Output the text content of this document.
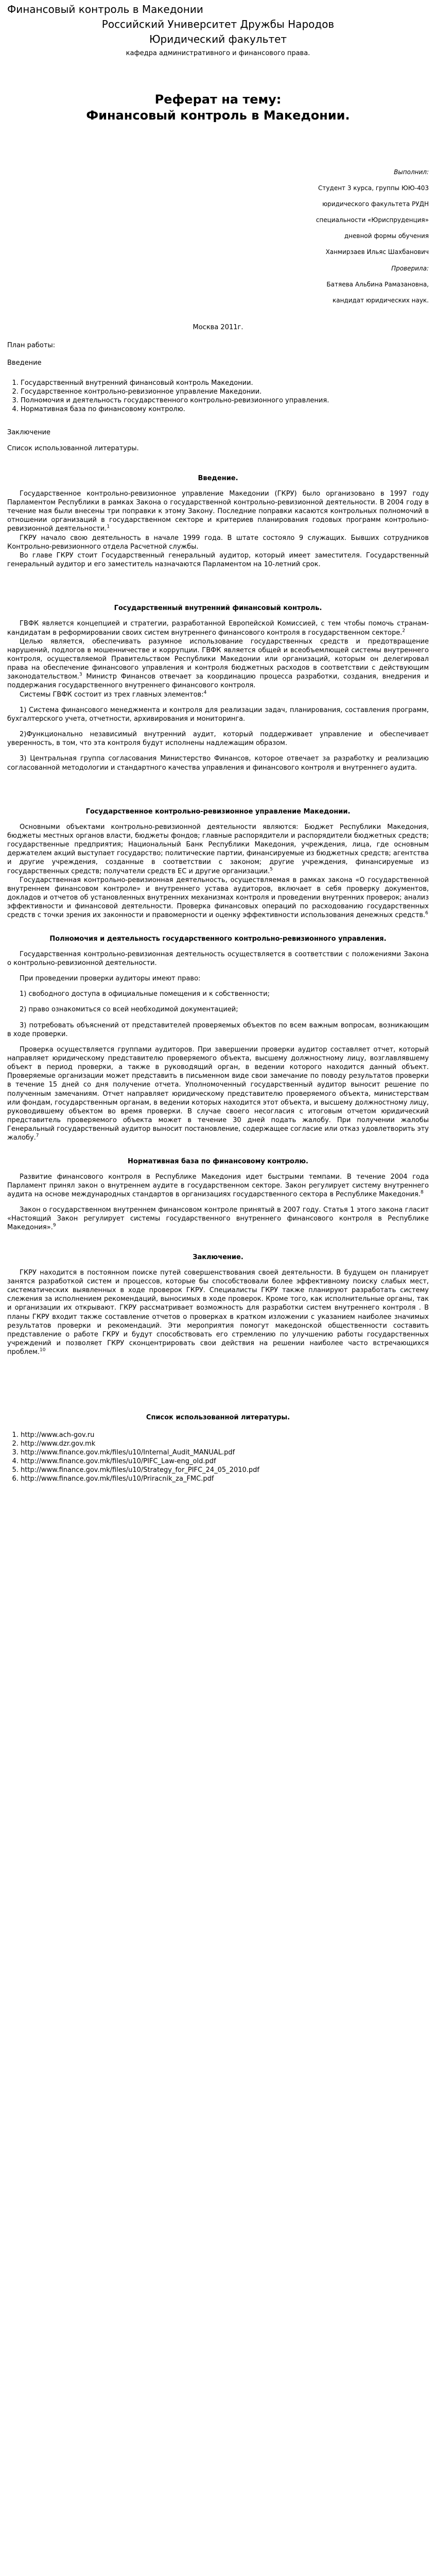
Финансовый контроль в Македонии
Российский Университет Дружбы Народов
Юридический факультет
кафедра административного и финансового права.
Реферат на тему:
Финансовый контроль в Македонии.
Выполнил:
Студент 3 курса, группы ЮЮ-403
юридического факультета РУДН
специальности «Юриспруденция»
дневной формы обучения
Ханмирзаев Ильяс Шахбанович
Проверила:
Батяева Альбина Рамазановна,
кандидат юридических наук.
Москва 2011г.
План работы:
Введение
1. Государственный внутренний финансовый контроль Македонии.
2. Государственное контрольно-ревизионное управление Македонии.
3. Полномочия и деятельность государственного контрольно-ревизионного управления.
4. Нормативная база по финансовому контролю.
Заключение
Список использованной литературы.
Введение.

Государственное контрольно-ревизионное управление Македонии (ГКРУ) было организовано в 1997 году Парламентом Республики в рамках Закона о государственной контрольно-ревизионной деятельности. В 2004 году в течение мая были внесены три поправки к этому Закону. Последние поправки касаются контрольных полномочий в отношении организаций в государственном секторе и критериев планирования годовых программ контрольно-ревизионной деятельности.$^1$

ГКРУ начало свою деятельность в начале 1999 года. В штате состояло 9 служащих. Бывших сотрудников Контрольно-ревизионного отдела Расчетной службы.

Во главе ГКРУ стоит Государственный генеральный аудитор, который имеет заместителя. Государственный генеральный аудитор и его заместитель назначаются Парламентом на 10-летний срок.

Государственный внутренний финансовый контроль.

ГВФК является концепцией и стратегии, разработанной Европейской Комиссией, с тем чтобы помочь странам-кандидатам в реформировании своих систем внутреннего финансового контроля в государственном секторе.$^2$

Целью является, обеспечивать разумное использование государственных средств и предотвращение нарушений, подлогов в мошенничестве и коррупции. ГВФК является общей и всеобъемлющей системы внутреннего контроля, осуществляемой Правительством Республики Македонии или организаций, которым он делегировал права на обеспечение финансового управления и контроля бюджетных расходов в соответствии с действующим законодательством.$^3$ Министр Финансов отвечает за координацию процесса разработки, создания, внедрения и поддержания государственного внутреннего финансового контроля.

Системы ГВФК состоит из трех главных элементов:$^4$

1) Система финансового менеджмента и контроля для реализации задач, планирования, составления программ, бухгалтерского учета, отчетности, архивирования и мониторинга.

2)Функционально независимый внутренний аудит, который поддерживает управление и обеспечивает уверенность, в том, что эта контроля будут исполнены надлежащим образом.

3) Центральная группа согласования Министерство Финансов, которое отвечает за разработку и реализацию согласованной методологии и стандартного качества управления и финансового контроля и внутреннего аудита.

Государственное контрольно-ревизионное управление Македонии.

Основными объектами контрольно-ревизионной деятельности являются: Бюджет Республики Македония, бюджеты местных органов власти, бюджеты фондов; главные распорядители и распорядители бюджетных средств; государственные предприятия; Национальный Банк Республики Македония, учреждения, лица, где основным держателем акций выступает государство; политические партии, финансируемые из бюджетных средств; агентства и другие учреждения, созданные в соответствии с законом; другие учреждения, финансируемые из государственных средств; получатели средств ЕС и другие организации.$^5$

Государственная контрольно-ревизионная деятельность, осуществляемая в рамках закона «О государственной внутреннем финансовом контроле» и внутреннего устава аудиторов, включает в себя проверку документов, докладов и отчетов об установленных внутренних механизмах контроля и проведении внутренних проверок; анализ эффективности и финансовой деятельности. Проверка финансовых операций по расходованию государственных средств с точки зрения их законности и правомерности и оценку эффективности использования денежных средств.$^6$

Полномочия и деятельность государственного контрольно-ревизионного управления.

Государственная контрольно-ревизионная деятельность осуществляется в соответствии с положениями Закона о контрольно-ревизионной деятельности.

При проведении проверки аудиторы имеют право:

1) свободного доступа в официальные помещения и к собственности;

2) право ознакомиться со всей необходимой документацией;

3) потребовать объяснений от представителей проверяемых объектов по всем важным вопросам, возникающим в ходе проверки.

Проверка осуществляется группами аудиторов. При завершении проверки аудитор составляет отчет, который направляет юридическому представителю проверяемого объекта, высшему должностному лицу, возглавлявшему объект в период проверки, а также в руководящий орган, в ведении которого находится данный объект. Проверяемые организации может представить в письменном виде свои замечание по поводу результатов проверки в течение 15 дней со дня получение отчета. Уполномоченный государственный аудитор выносит решение по полученным замечаниям. Отчет направляет юридическому представителю проверяемого объекта, министерствам или фондам, государственным органам, в ведении которых находится этот объекта, и высшему должностному лицу, руководившему объектом во время проверки. В случае своего несогласия с итоговым отчетом юридический представитель проверяемого объекта может в течение 30 дней подать жалобу. При получении жалобы Генеральный государственный аудитор выносит постановление, содержащее согласие или отказ удовлетворить эту жалобу.$^7$

Нормативная база по финансовому контролю.

Развитие финансового контроля в Республике Македония идет быстрыми темпами. В течение 2004 года Парламент принял закон о внутреннем аудите в государственном секторе. Закон регулирует систему внутреннего аудита на основе международных стандартов в организациях государственного сектора в Республике Македония.$^8$

Закон о государственном внутреннем финансовом контроле принятый в 2007 году. Статья 1 этого закона гласит «Настоящий Закон регулирует системы государственного внутреннего финансового контроля в Республике Македония».$^9$

Заключение.

ГКРУ находится в постоянном поиске путей совершенствования своей деятельности. В будущем он планирует занятся разработкой систем и процессов, которые бы способствовали более эффективному поиску слабых мест, систематических выявленных в ходе проверок ГКРУ. Специалисты ГКРУ также планируют разработать систему слежения за исполнением рекомендаций, выносимых в ходе проверок. Кроме того, как исполнительные органы, так и организации их открывают. ГКРУ рассматривает возможность для разработки систем внутреннего контроля . В планы ГКРУ входит также составление отчетов о проверках в кратком изложении с указанием наиболее значимых результатов проверки и рекомендаций. Эти мероприятия помогут македонской общественности составить представление о работе ГКРУ и будут способствовать его стремлению по улучшению работы государственных учреждений и позволяет ГКРУ сконцентрировать свои действия на решении наиболее часто встречающихся проблем.$^{10}$

Список использованной литературы.
1. http://www.ach-gov.ru
2. http://www.dzr.gov.mk
3. http://www.finance.gov.mk/files/u10/Internal_Audit_MANUAL.pdf
4. http://www.finance.gov.mk/files/u10/PIFC_Law-eng_old.pdf
5. http://www.finance.gov.mk/files/u10/Strategy_for_PIFC_24_05_2010.pdf
6. http://www.finance.gov.mk/files/u10/Priracnik_za_FMC.pdf
